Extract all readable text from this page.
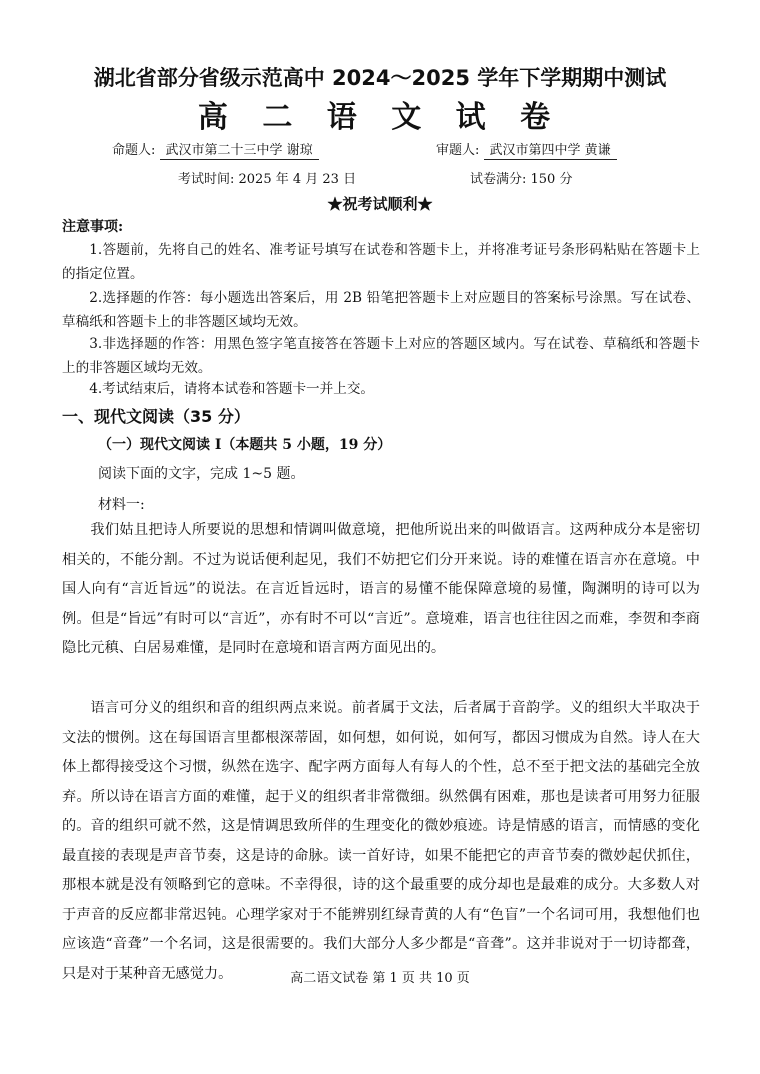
湖北省部分省级示范高中 2024～2025 学年下学期期中测试
高 二 语 文 试 卷
命题人: 武汉市第二十三中学 谢琼	审题人: 武汉市第四中学 黄谦
考试时间: 2025 年 4 月 23 日	试卷满分: 150 分
★祝考试顺利★
注意事项:

1.答题前，先将自己的姓名、准考证号填写在试卷和答题卡上，并将准考证号条形码粘贴在答题卡上的指定位置。

2.选择题的作答：每小题选出答案后，用 2B 铅笔把答题卡上对应题目的答案标号涂黑。写在试卷、草稿纸和答题卡上的非答题区域均无效。

3.非选择题的作答：用黑色签字笔直接答在答题卡上对应的答题区域内。写在试卷、草稿纸和答题卡上的非答题区域均无效。

4.考试结束后，请将本试卷和答题卡一并上交。

一、现代文阅读（35 分）
（一）现代文阅读 Ⅰ（本题共 5 小题，19 分）
阅读下面的文字，完成 1~5 题。
材料一:

我们姑且把诗人所要说的思想和情调叫做意境，把他所说出来的叫做语言。这两种成分本是密切相关的，不能分割。不过为说话便利起见，我们不妨把它们分开来说。诗的难懂在语言亦在意境。中国人向有“言近旨远”的说法。在言近旨远时，语言的易懂不能保障意境的易懂，陶渊明的诗可以为例。但是“旨远”有时可以“言近”，亦有时不可以“言近”。意境难，语言也往往因之而难，李贺和李商隐比元稹、白居易难懂，是同时在意境和语言两方面见出的。

语言可分义的组织和音的组织两点来说。前者属于文法，后者属于音韵学。义的组织大半取决于文法的惯例。这在每国语言里都根深蒂固，如何想，如何说，如何写，都因习惯成为自然。诗人在大体上都得接受这个习惯，纵然在选字、配字两方面每人有每人的个性，总不至于把文法的基础完全放弃。所以诗在语言方面的难懂，起于义的组织者非常微细。纵然偶有困难，那也是读者可用努力征服的。 音的组织可就不然，这是情调思致所伴的生理变化的微妙痕迹。诗是情感的语言，而情感的变化最直接的表现是声音节奏，这是诗的命脉。读一首好诗，如果不能把它的声音节奏的微妙起伏抓住，那根本就是没有领略到它的意味。不幸得很，诗的这个最重要的成分却也是最难的成分。大多数人对于声音的反应都非常迟钝。心理学家对于不能辨别红绿青黄的人有“色盲”一个名词可用，我想他们也应该造“音聋”一个名词，这是很需要的。我们大部分人多少都是“音聋”。这并非说对于一切诗都聋，只是对于某种音无感觉力。	高二语文试卷 第 1 页 共 10 页
